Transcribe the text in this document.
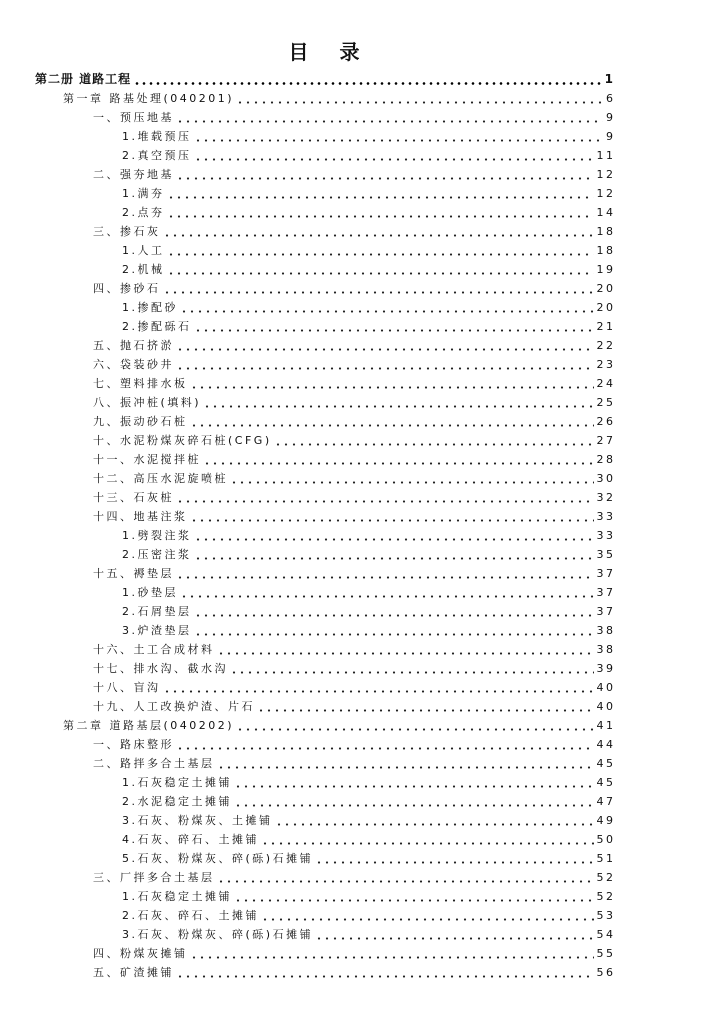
目 录
第二册 道路工程	1
第一章 路基处理(040201)	6
一、预压地基	9
1.堆载预压	9
2.真空预压	11
二、强夯地基	12
1.满夯	12
2.点夯	14
三、掺石灰	18
1.人工	18
2.机械	19
四、掺砂石	20
1.掺配砂	20
2.掺配砾石	21
五、抛石挤淤	22
六、袋装砂井	23
七、塑料排水板	24
八、振冲桩(填料)	25
九、振动砂石桩	26
十、水泥粉煤灰碎石桩(CFG)	27
十一、水泥搅拌桩	28
十二、高压水泥旋喷桩	30
十三、石灰桩	32
十四、地基注浆	33
1.劈裂注浆	33
2.压密注浆	35
十五、褥垫层	37
1.砂垫层	37
2.石屑垫层	37
3.炉渣垫层	38
十六、土工合成材料	38
十七、排水沟、截水沟	39
十八、盲沟	40
十九、人工改换炉渣、片石	40
第二章 道路基层(040202)	41
一、路床整形	44
二、路拌多合土基层	45
1.石灰稳定土摊铺	45
2.水泥稳定土摊铺	47
3.石灰、粉煤灰、土摊铺	49
4.石灰、碎石、土摊铺	50
5.石灰、粉煤灰、碎(砾)石摊铺	51
三、厂拌多合土基层	52
1.石灰稳定土摊铺	52
2.石灰、碎石、土摊铺	53
3.石灰、粉煤灰、碎(砾)石摊铺	54
四、粉煤灰摊铺	55
五、矿渣摊铺	56
